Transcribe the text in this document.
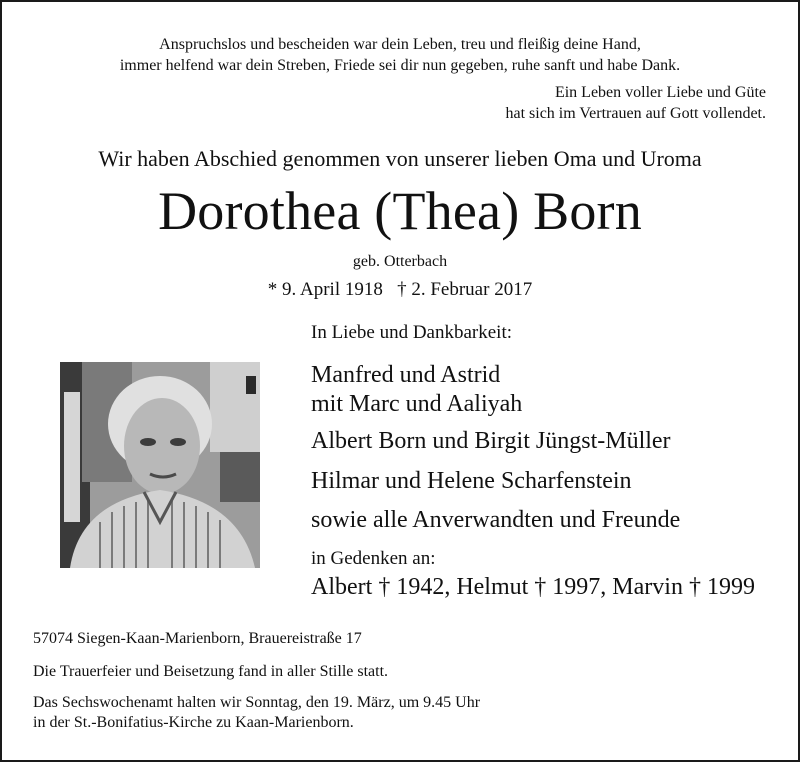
Anspruchslos und bescheiden war dein Leben, treu und fleißig deine Hand,

immer helfend war dein Streben, Friede sei dir nun gegeben, ruhe sanft und habe Dank.

Ein Leben voller Liebe und Güte

hat sich im Vertrauen auf Gott vollendet.

Wir haben Abschied genommen von unserer lieben Oma und Uroma

Dorothea (Thea) Born

geb. Otterbach

* 9. April 1918   † 2. Februar 2017

In Liebe und Dankbarkeit:

Manfred und Astrid

mit Marc und Aaliyah

Albert Born und Birgit Jüngst-Müller

Hilmar und Helene Scharfenstein

sowie alle Anverwandten und Freunde

in Gedenken an:

Albert † 1942, Helmut † 1997, Marvin † 1999

57074 Siegen-Kaan-Marienborn, Brauereistraße 17

Die Trauerfeier und Beisetzung fand in aller Stille statt.

Das Sechswochenamt halten wir Sonntag, den 19. März, um 9.45 Uhr

in der St.-Bonifatius-Kirche zu Kaan-Marienborn.
